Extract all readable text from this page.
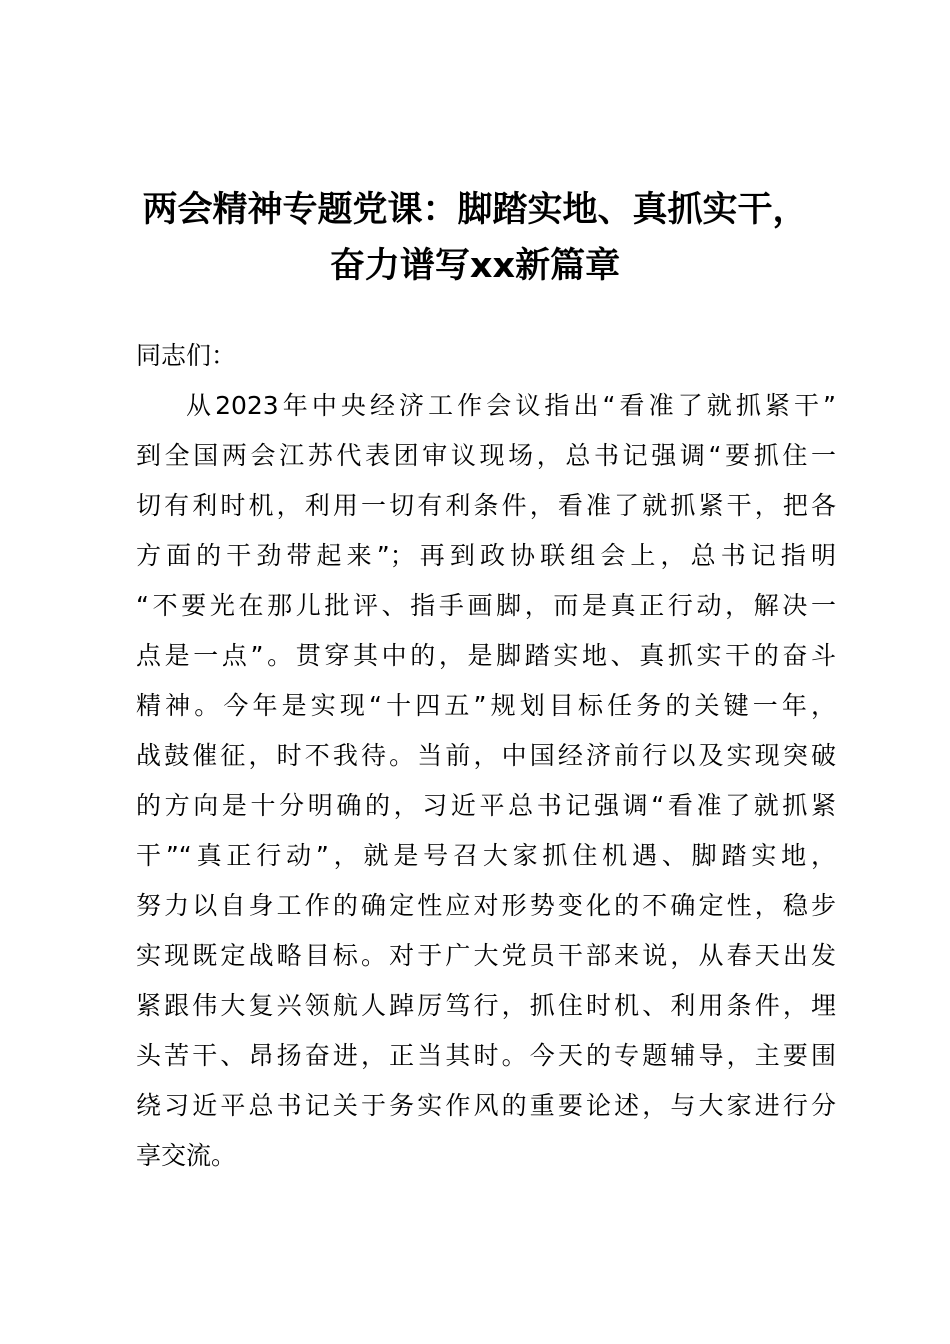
两会精神专题党课：脚踏实地、真抓实干，
奋力谱写xx新篇章

同志们：

从2023年中央经济工作会议指出“看准了就抓紧干”
到全国两会江苏代表团审议现场，总书记强调“要抓住一
切有利时机，利用一切有利条件，看准了就抓紧干，把各
方面的干劲带起来”；再到政协联组会上，总书记指明
“不要光在那儿批评、指手画脚，而是真正行动，解决一
点是一点”。贯穿其中的，是脚踏实地、真抓实干的奋斗
精神。今年是实现“十四五”规划目标任务的关键一年，
战鼓催征，时不我待。当前，中国经济前行以及实现突破
的方向是十分明确的，习近平总书记强调“看准了就抓紧
干”“真正行动”，就是号召大家抓住机遇、脚踏实地，
努力以自身工作的确定性应对形势变化的不确定性，稳步
实现既定战略目标。对于广大党员干部来说，从春天出发
紧跟伟大复兴领航人踔厉笃行，抓住时机、利用条件，埋
头苦干、昂扬奋进，正当其时。今天的专题辅导，主要围
绕习近平总书记关于务实作风的重要论述，与大家进行分
享交流。
